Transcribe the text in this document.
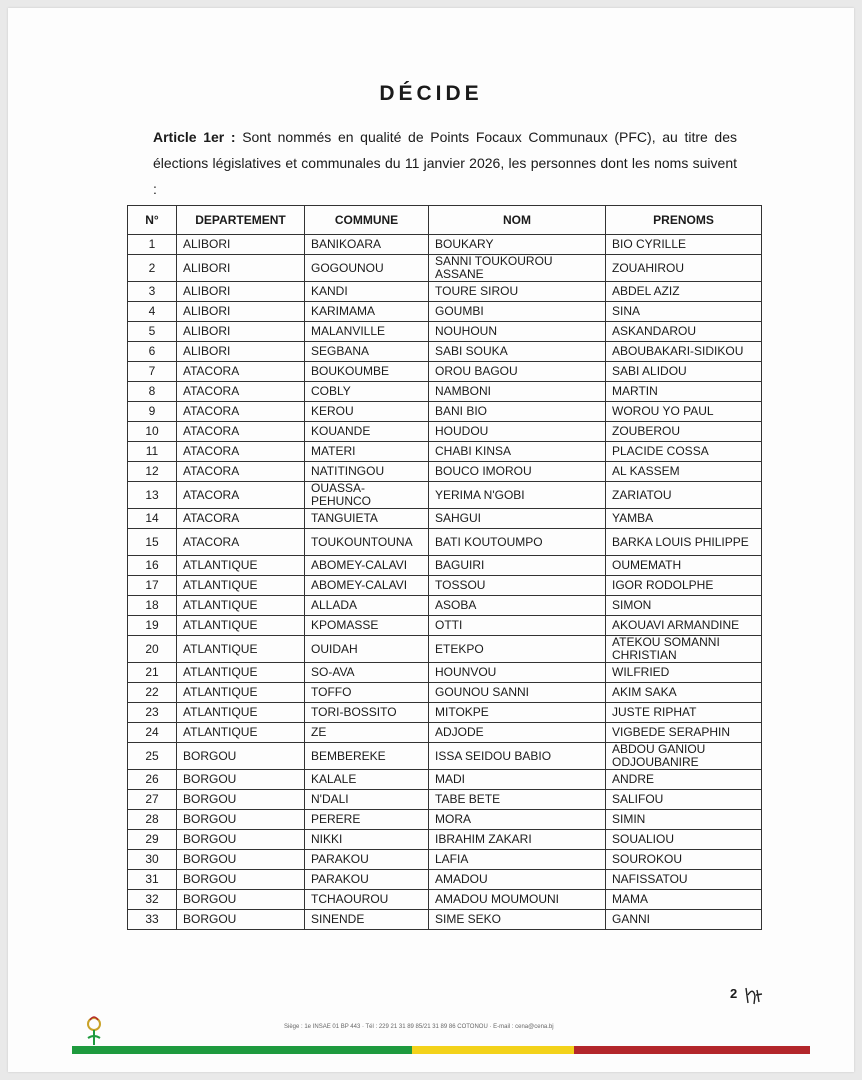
DÉCIDE
Article 1er : Sont nommés en qualité de Points Focaux Communaux (PFC), au titre des élections législatives et communales du 11 janvier 2026, les personnes dont les noms suivent :
N°	DEPARTEMENT	COMMUNE	NOM	PRENOMS
1	ALIBORI	BANIKOARA	BOUKARY	BIO CYRILLE
2	ALIBORI	GOGOUNOU	SANNI TOUKOUROU ASSANE	ZOUAHIROU
3	ALIBORI	KANDI	TOURE SIROU	ABDEL AZIZ
4	ALIBORI	KARIMAMA	GOUMBI	SINA
5	ALIBORI	MALANVILLE	NOUHOUN	ASKANDAROU
6	ALIBORI	SEGBANA	SABI SOUKA	ABOUBAKARI-SIDIKOU
7	ATACORA	BOUKOUMBE	OROU BAGOU	SABI ALIDOU
8	ATACORA	COBLY	NAMBONI	MARTIN
9	ATACORA	KEROU	BANI BIO	WOROU YO PAUL
10	ATACORA	KOUANDE	HOUDOU	ZOUBEROU
11	ATACORA	MATERI	CHABI KINSA	PLACIDE COSSA
12	ATACORA	NATITINGOU	BOUCO IMOROU	AL KASSEM
13	ATACORA	OUASSA-PEHUNCO	YERIMA N'GOBI	ZARIATOU
14	ATACORA	TANGUIETA	SAHGUI	YAMBA
15	ATACORA	TOUKOUNTOUNA	BATI KOUTOUMPO	BARKA LOUIS PHILIPPE
16	ATLANTIQUE	ABOMEY-CALAVI	BAGUIRI	OUMEMATH
17	ATLANTIQUE	ABOMEY-CALAVI	TOSSOU	IGOR RODOLPHE
18	ATLANTIQUE	ALLADA	ASOBA	SIMON
19	ATLANTIQUE	KPOMASSE	OTTI	AKOUAVI ARMANDINE
20	ATLANTIQUE	OUIDAH	ETEKPO	ATEKOU SOMANNI CHRISTIAN
21	ATLANTIQUE	SO-AVA	HOUNVOU	WILFRIED
22	ATLANTIQUE	TOFFO	GOUNOU SANNI	AKIM SAKA
23	ATLANTIQUE	TORI-BOSSITO	MITOKPE	JUSTE RIPHAT
24	ATLANTIQUE	ZE	ADJODE	VIGBEDE SERAPHIN
25	BORGOU	BEMBEREKE	ISSA SEIDOU BABIO	ABDOU GANIOU ODJOUBANIRE
26	BORGOU	KALALE	MADI	ANDRE
27	BORGOU	N'DALI	TABE BETE	SALIFOU
28	BORGOU	PERERE	MORA	SIMIN
29	BORGOU	NIKKI	IBRAHIM ZAKARI	SOUALIOU
30	BORGOU	PARAKOU	LAFIA	SOUROKOU
31	BORGOU	PARAKOU	AMADOU	NAFISSATOU
32	BORGOU	TCHAOUROU	AMADOU MOUMOUNI	MAMA
33	BORGOU	SINENDE	SIME SEKO	GANNI
2
Siège : 1e INSAE 01 BP 443 · Tél : 229 21 31 89 85/21 31 89 86 COTONOU · E-mail : cena@cena.bj
